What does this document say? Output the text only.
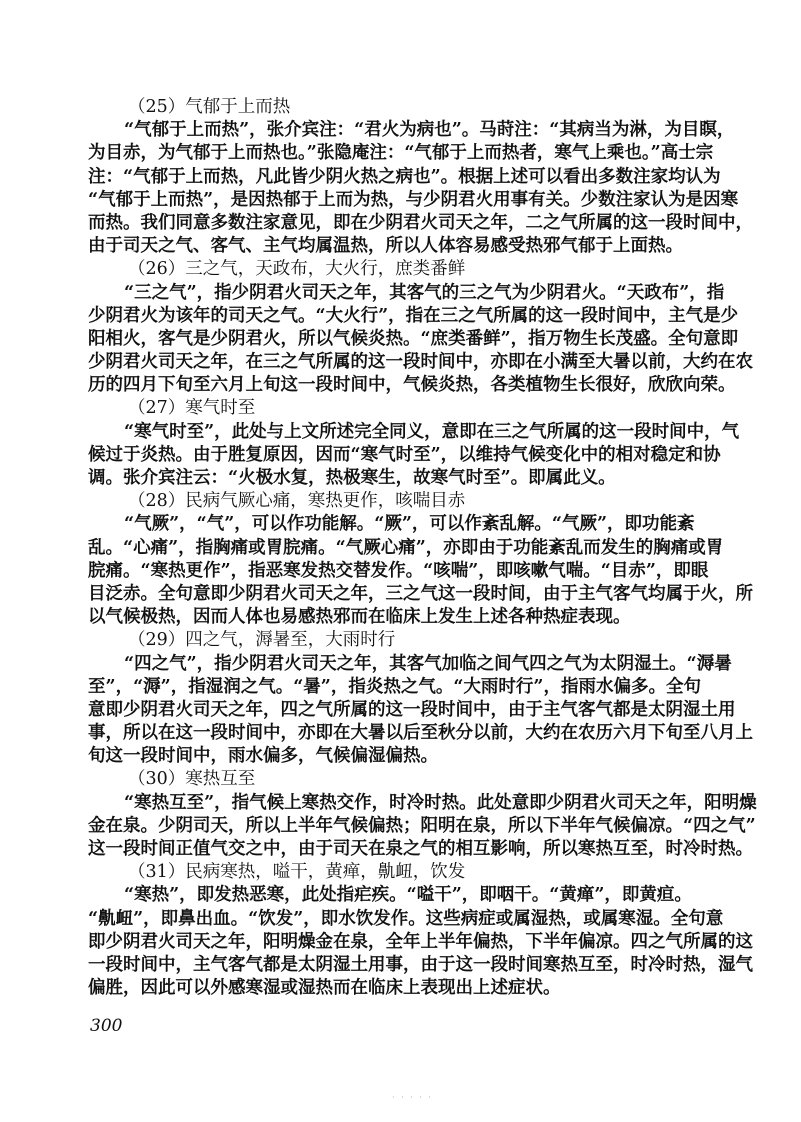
（25）气郁于上而热
“气郁于上而热”，张介宾注：“君火为病也”。马莳注：“其病当为淋，为目瞑，
为目赤，为气郁于上而热也。”张隐庵注：“气郁于上而热者，寒气上乘也。”高士宗
注：“气郁于上而热，凡此皆少阴火热之病也”。根据上述可以看出多数注家均认为
“气郁于上而热”，是因热郁于上而为热，与少阴君火用事有关。少数注家认为是因寒
而热。我们同意多数注家意见，即在少阴君火司天之年，二之气所属的这一段时间中，
由于司天之气、客气、主气均属温热，所以人体容易感受热邪气郁于上面热。
（26）三之气，天政布，大火行，庶类番鲜
“三之气”，指少阴君火司天之年，其客气的三之气为少阴君火。“天政布”，指
少阴君火为该年的司天之气。“大火行”，指在三之气所属的这一段时间中，主气是少
阳相火，客气是少阴君火，所以气候炎热。“庶类番鲜”，指万物生长茂盛。全句意即
少阴君火司天之年，在三之气所属的这一段时间中，亦即在小满至大暑以前，大约在农
历的四月下旬至六月上旬这一段时间中，气候炎热，各类植物生长很好，欣欣向荣。
（27）寒气时至
“寒气时至”，此处与上文所述完全同义，意即在三之气所属的这一段时间中，气
候过于炎热。由于胜复原因，因而“寒气时至”，以维持气候变化中的相对稳定和协
调。张介宾注云：“火极水复，热极寒生，故寒气时至”。即属此义。
（28）民病气厥心痛，寒热更作，咳喘目赤
“气厥”，“气”，可以作功能解。“厥”，可以作紊乱解。“气厥”，即功能紊
乱。“心痛”，指胸痛或胃脘痛。“气厥心痛”，亦即由于功能紊乱而发生的胸痛或胃
脘痛。“寒热更作”，指恶寒发热交替发作。“咳喘”，即咳嗽气喘。“目赤”，即眼
目泛赤。全句意即少阴君火司天之年，三之气这一段时间，由于主气客气均属于火，所
以气候极热，因而人体也易感热邪而在临床上发生上述各种热症表现。
（29）四之气，溽暑至，大雨时行
“四之气”，指少阴君火司天之年，其客气加临之间气四之气为太阴湿土。“溽暑
至”，“溽”，指湿润之气。“暑”，指炎热之气。“大雨时行”，指雨水偏多。全句
意即少阴君火司天之年，四之气所属的这一段时间中，由于主气客气都是太阴湿土用
事，所以在这一段时间中，亦即在大暑以后至秋分以前，大约在农历六月下旬至八月上
旬这一段时间中，雨水偏多，气候偏湿偏热。
（30）寒热互至
“寒热互至”，指气候上寒热交作，时冷时热。此处意即少阴君火司天之年，阳明燥
金在泉。少阴司天，所以上半年气候偏热；阳明在泉，所以下半年气候偏凉。“四之气”
这一段时间正值气交之中，由于司天在泉之气的相互影响，所以寒热互至，时冷时热。
（31）民病寒热，嗌干，黄瘅，鼽衄，饮发
“寒热”，即发热恶寒，此处指疟疾。“嗌干”，即咽干。“黄瘅”，即黄疸。
“鼽衄”，即鼻出血。“饮发”，即水饮发作。这些病症或属湿热，或属寒湿。全句意
即少阴君火司天之年，阳明燥金在泉，全年上半年偏热，下半年偏凉。四之气所属的这
一段时间中，主气客气都是太阴湿土用事，由于这一段时间寒热互至，时冷时热，湿气
偏胜，因此可以外感寒湿或湿热而在临床上表现出上述症状。
300
· · · · ·
